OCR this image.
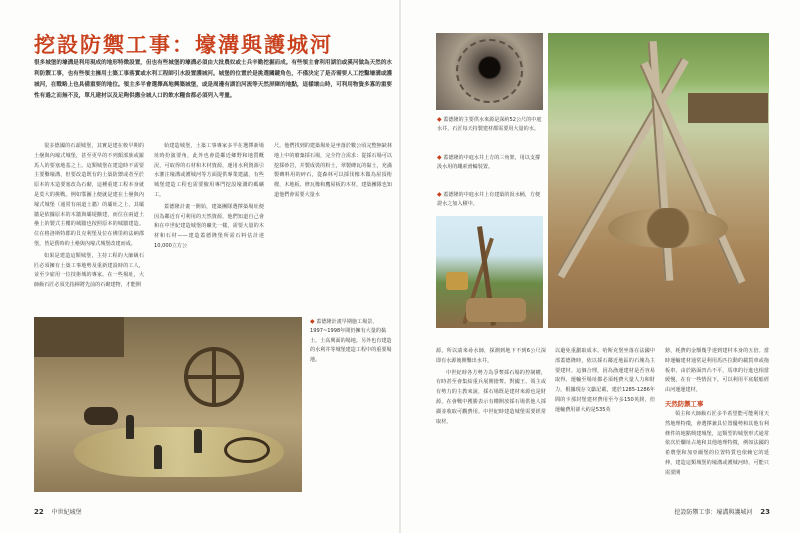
挖設防禦工事：壕溝與護城河
很多城堡的壕溝是利用現成的地形特徵設置，但也有些城堡的壕溝必須由大批農奴或士兵辛勤挖掘而成。有些領主會利用湖泊或溪河做為天然的水利防禦工事，也有些領主擁用土築工事落實或水利工程師引水設置護城河。城堡的位置於是挑選關鍵角色，不僅決定了是否需要人工挖鑿壕溝或護城河，在戰略上也具備重要的地位。領主多半會選擇高地興築城堡，或是周邊有湖泊河流等天然屏障的地點，這樣壞山時，可利用物資多寡的重要性有過之而無不及，單凡建材以及足夠供應全城人口的飲水糧食都必須列入考量。

很多德國的石頭城堡，其實是建在較早期的土壘與內壕式城堡，甚至更早的不列顛部族或羅馬人的要塞地基之上。這類城堡在建造時不需要主要鑿壕溝，但要改造既有的土築防禦或者至於原本的木造要塞改為石砌，這種重建工程本身就是莫大的挑戰。例如鄂圖上便就是建在土壘與內壕式城堡（通常有兩道土牆）的壩址之上，其壩牆是依據原本的木牆與壩堤擴建，而位在兩道土壘上的製式主樓的城牆也按照原本的城牆建造。位在格洛斯特郡的貝克利堡及位在佛里約法納郡堡，皆是舊時的土壘與內壕式城堡改建而成。

如果是建造這類城堡，主持工程的大師級石匠必須擁有土築工事地勢及重新建設時的工人，並至少雇用一位技術城的專家。在一些場址，大師級石匠必須先指揮將先前的石砌建物，才能開

始建造城堡，土築工事專家多半在選擇新場址時扮演要角，此外也會從鄰近鄉野和地質概況，可取得的石材和木材資源，運用水利資源引水灌注壕溝或護城河等方面提供專業建議，有些城堡建造工程也需要僱用專門挖設壕溝的碼礦工。

蓋德隆計畫一開始，建築團隊選擇築場址便因為鄰近有可利用的天然資源，他們知道自己會和在中世紀建造城堡的礦先一樣，需要大量的木材和石材——建造蓋德隆堡所需石料估計達10,000立方公

尺。他們找到的建築場址是坐落於數公頃完整無缺林地上中的廢棄採石場，完全符合需求：從採石場可以挖採砂岩，并製成裝的粉土，翠製磚瓦的黏土，充滿製磚料用的碎石，從森林可以採伐橡木做為屋頂桁樑，木地板、修瓦橡和鷹屋板的木材，建築團隊也知道他們會需要大量水

◆ 蓋德隆計畫早期施工場景，1997~1998年間仍擁有大量的黏土，土高興面的場地。另外也有建造的水利井等城堡建造工程中的重要場地。
22 中世紀城堡
◆ 蓋德隆的主要供水來源是深約52公尺的中庭水井，石匠每天持製建材都需要用大量的水。
◆ 蓋德隆的中庭水井上方的三角架，用以支撐汲水用的繩索滑輪裝置。
◆ 蓋德隆的中庭水井上有建築的汲水桶，方便證水之加入積中。

源，所以請來尋水師，探測到地下不到6公尺深即有水源後開鑿出水井。

中世紀時各方勢力為爭奪採石場的控制權，有時甚至會集結重兵展開搶奪。對國王、領主或有勢力的主教來說，採石場既是建材來源也是財源，在會戰中獲勝表示有權開放採石場供他人採擷並收取可觀費用。中世紀時建造城堡需要經常取材，

挖設防禦工事：壕溝與護城河 23

鎊，耗費的金額幾乎達到建材本身的五倍。當時運輸建材通常是利用馬匹拉動的載貨車或拖板車，由於路面凹凸不平，馬車的行進也相當緩慢，在有一些情況下，可以利用平底駁船經由河運運建材。

天然防禦工事

領主和大師級石匠多半希望能可能利用天然地理特徵，會選擇兼具位置優勢和其他有利條件的地點興建城堡，這類型的城堡形式通常依次於爛址占地和其他地理特徵，例如法國的希農堡和加亞爾堡的位置特質也依賴它的延伸，建造這類城堡的壕溝或護城河時，可能只需要開

以避免重劃取成本。哈斯克堡坐落在法國中部蓋德隆時，依以採石鄰近地區的石塊為主要建材。這個合理，因為漁運建材是否容易取得、運輸至場址都必須耗費大量人力和財力，根據現存文獻記載，建於1285-1286年間的卡那封堡建材費用至今多150英鎊，但運輸費用卻大約是535英
